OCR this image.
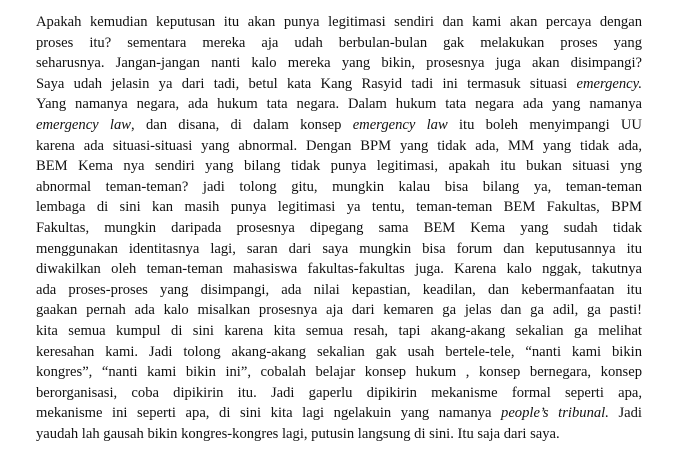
Apakah kemudian keputusan itu akan punya legitimasi sendiri dan kami akan percaya dengan
proses itu? sementara mereka aja udah berbulan-bulan gak melakukan proses yang
seharusnya. Jangan-jangan nanti kalo mereka yang bikin, prosesnya juga akan disimpangi?
Saya udah jelasin ya dari tadi, betul kata Kang Rasyid tadi ini termasuk situasi emergency.
Yang namanya negara, ada hukum tata negara. Dalam hukum tata negara ada yang namanya
emergency law, dan disana, di dalam konsep emergency law itu boleh menyimpangi UU
karena ada situasi-situasi yang abnormal. Dengan BPM yang tidak ada, MM yang tidak ada,
BEM Kema nya sendiri yang bilang tidak punya legitimasi, apakah itu bukan situasi yng
abnormal teman-teman? jadi tolong gitu, mungkin kalau bisa bilang ya, teman-teman
lembaga di sini kan masih punya legitimasi ya tentu, teman-teman BEM Fakultas, BPM
Fakultas, mungkin daripada prosesnya dipegang sama BEM Kema yang sudah tidak
menggunakan identitasnya lagi, saran dari saya mungkin bisa forum dan keputusannya itu
diwakilkan oleh teman-teman mahasiswa fakultas-fakultas juga. Karena kalo nggak, takutnya
ada proses-proses yang disimpangi, ada nilai kepastian, keadilan, dan kebermanfaatan itu
gaakan pernah ada kalo misalkan prosesnya aja dari kemaren ga jelas dan ga adil, ga pasti!
kita semua kumpul di sini karena kita semua resah, tapi akang-akang sekalian ga melihat
keresahan kami. Jadi tolong akang-akang sekalian gak usah bertele-tele, “nanti kami bikin
kongres”, “nanti kami bikin ini”, cobalah belajar konsep hukum , konsep bernegara, konsep
berorganisasi, coba dipikirin itu. Jadi gaperlu dipikirin mekanisme formal seperti apa,
mekanisme ini seperti apa, di sini kita lagi ngelakuin yang namanya people’s tribunal. Jadi
yaudah lah gausah bikin kongres-kongres lagi, putusin langsung di sini. Itu saja dari saya.
